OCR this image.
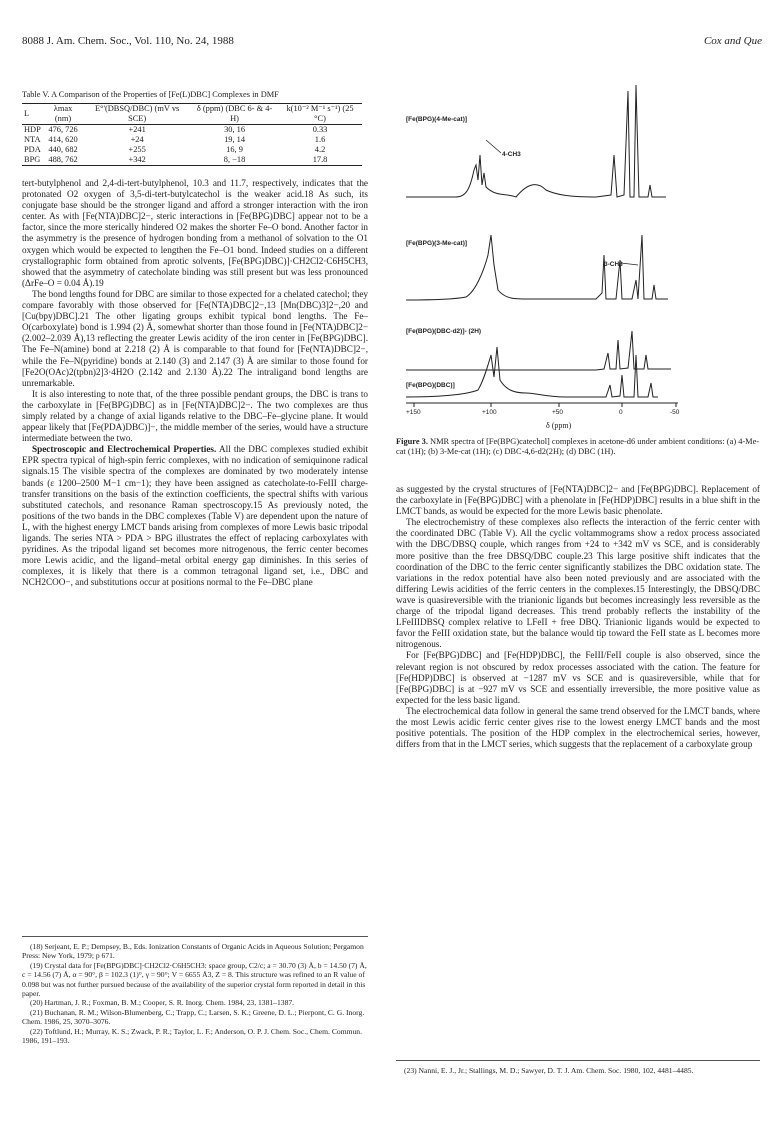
8088 J. Am. Chem. Soc., Vol. 110, No. 24, 1988	Cox and Que
Table V. A Comparison of the Properties of [Fe(L)DBC] Complexes in DMF
L	λmax (nm)	E°'(DBSQ/DBC) (mV vs SCE)	δ (ppm) (DBC 6- & 4-H)	k(10⁻² M⁻¹ s⁻¹) (25 °C)
HDP	476, 726	+241	30, 16	0.33
NTA	414, 620	+24	19, 14	1.6
PDA	440, 682	+255	16, 9	4.2
BPG	488, 762	+342	8, −18	17.8

tert-butylphenol and 2,4-di-tert-butylphenol, 10.3 and 11.7, respectively, indicates that the protonated O2 oxygen of 3,5-di-tert-butylcatechol is the weaker acid.18 As such, its conjugate base should be the stronger ligand and afford a stronger interaction with the iron center. As with [Fe(NTA)DBC]2−, steric interactions in [Fe(BPG)DBC] appear not to be a factor, since the more sterically hindered O2 makes the shorter Fe–O bond. Another factor in the asymmetry is the presence of hydrogen bonding from a methanol of solvation to the O1 oxygen which would be expected to lengthen the Fe–O1 bond. Indeed studies on a different crystallographic form obtained from aprotic solvents, [Fe(BPG)DBC)]·CH2Cl2·C6H5CH3, showed that the asymmetry of catecholate binding was still present but was less pronounced (ΔrFe–O = 0.04 Å).19

The bond lengths found for DBC are similar to those expected for a chelated catechol; they compare favorably with those observed for [Fe(NTA)DBC]2−,13 [Mn(DBC)3]2−,20 and [Cu(bpy)DBC].21 The other ligating groups exhibit typical bond lengths. The Fe–O(carboxylate) bond is 1.994 (2) Å, somewhat shorter than those found in [Fe(NTA)DBC]2− (2.002–2.039 Å),13 reflecting the greater Lewis acidity of the iron center in [Fe(BPG)DBC]. The Fe–N(amine) bond at 2.218 (2) Å is comparable to that found for [Fe(NTA)DBC]2−, while the Fe–N(pyridine) bonds at 2.140 (3) and 2.147 (3) Å are similar to those found for [Fe2O(OAc)2(tpbn)2]3·4H2O (2.142 and 2.130 Å).22 The intraligand bond lengths are unremarkable.

It is also interesting to note that, of the three possible pendant groups, the DBC is trans to the carboxylate in [Fe(BPG)DBC] as in [Fe(NTA)DBC]2−. The two complexes are thus simply related by a change of axial ligands relative to the DBC–Fe–glycine plane. It would appear likely that [Fe(PDA)DBC)]−, the middle member of the series, would have a structure intermediate between the two.

Spectroscopic and Electrochemical Properties. All the DBC complexes studied exhibit EPR spectra typical of high-spin ferric complexes, with no indication of semiquinone radical signals.15 The visible spectra of the complexes are dominated by two moderately intense bands (ε 1200–2500 M−1 cm−1); they have been assigned as catecholate-to-FeIII charge-transfer transitions on the basis of the extinction coefficients, the spectral shifts with various substituted catechols, and resonance Raman spectroscopy.15 As previously noted, the positions of the two bands in the DBC complexes (Table V) are dependent upon the nature of L, with the highest energy LMCT bands arising from complexes of more Lewis basic tripodal ligands. The series NTA > PDA > BPG illustrates the effect of replacing carboxylates with pyridines. As the tripodal ligand set becomes more nitrogenous, the ferric center becomes more Lewis acidic, and the ligand–metal orbital energy gap diminishes. In this series of complexes, it is likely that there is a common tetragonal ligand set, i.e., DBC and NCH2COO−, and substitutions occur at positions normal to the Fe–DBC plane

(18) Serjeant, E. P.; Dempsey, B., Eds. Ionization Constants of Organic Acids in Aqueous Solution; Pergamon Press: New York, 1979; p 671.
(19) Crystal data for [Fe(BPG)DBC]·CH2Cl2·C6H5CH3: space group, C2/c; a = 30.70 (3) Å, b = 14.50 (7) Å, c = 14.56 (7) Å, α = 90°, β = 102.3 (1)°, γ = 90°; V = 6655 Å3, Z = 8. This structure was refined to an R value of 0.098 but was not further pursued because of the availability of the superior crystal form reported in detail in this paper.
(20) Hartman, J. R.; Foxman, B. M.; Cooper, S. R. Inorg. Chem. 1984, 23, 1381–1387.
(21) Buchanan, R. M.; Wilson-Blumenberg, C.; Trapp, C.; Larsen, S. K.; Greene, D. L.; Pierpont, C. G. Inorg. Chem. 1986, 25, 3070–3076.
(22) Toftlund, H.; Murray, K. S.; Zwack, P. R.; Taylor, L. F.; Anderson, O. P. J. Chem. Soc., Chem. Commun. 1986, 191–193.
[Fe(BPG)(4-Me-cat)]
4-CH3
[Fe(BPG)(3-Me-cat)]
3-CH3
[Fe(BPG)(DBC-d2)]- (2H)
[Fe(BPG)(DBC)]
+150	+100	+50	0	-50
δ (ppm)
Figure 3. NMR spectra of [Fe(BPG)catechol] complexes in acetone-d6 under ambient conditions: (a) 4-Me-cat (1H); (b) 3-Me-cat (1H); (c) DBC-4,6-d2(2H); (d) DBC (1H).

as suggested by the crystal structures of [Fe(NTA)DBC]2− and [Fe(BPG)DBC]. Replacement of the carboxylate in [Fe(BPG)DBC] with a phenolate in [Fe(HDP)DBC] results in a blue shift in the LMCT bands, as would be expected for the more Lewis basic phenolate.

The electrochemistry of these complexes also reflects the interaction of the ferric center with the coordinated DBC (Table V). All the cyclic voltammograms show a redox process associated with the DBC/DBSQ couple, which ranges from +24 to +342 mV vs SCE, and is considerably more positive than the free DBSQ/DBC couple.23 This large positive shift indicates that the coordination of the DBC to the ferric center significantly stabilizes the DBC oxidation state. The variations in the redox potential have also been noted previously and are associated with the differing Lewis acidities of the ferric centers in the complexes.15 Interestingly, the DBSQ/DBC wave is quasireversible with the trianionic ligands but becomes increasingly less reversible as the charge of the tripodal ligand decreases. This trend probably reflects the instability of the LFeIIIDBSQ complex relative to LFeII + free DBQ. Trianionic ligands would be expected to favor the FeIII oxidation state, but the balance would tip toward the FeII state as L becomes more nitrogenous.

For [Fe(BPG)DBC] and [Fe(HDP)DBC], the FeIII/FeII couple is also observed, since the relevant region is not obscured by redox processes associated with the cation. The feature for [Fe(HDP)DBC] is observed at −1287 mV vs SCE and is quasireversible, while that for [Fe(BPG)DBC] is at −927 mV vs SCE and essentially irreversible, the more positive value as expected for the less basic ligand.

The electrochemical data follow in general the same trend observed for the LMCT bands, where the most Lewis acidic ferric center gives rise to the lowest energy LMCT bands and the most positive potentials. The position of the HDP complex in the electrochemical series, however, differs from that in the LMCT series, which suggests that the replacement of a carboxylate group

(23) Nanni, E. J., Jr.; Stallings, M. D.; Sawyer, D. T. J. Am. Chem. Soc. 1980, 102, 4481–4485.
